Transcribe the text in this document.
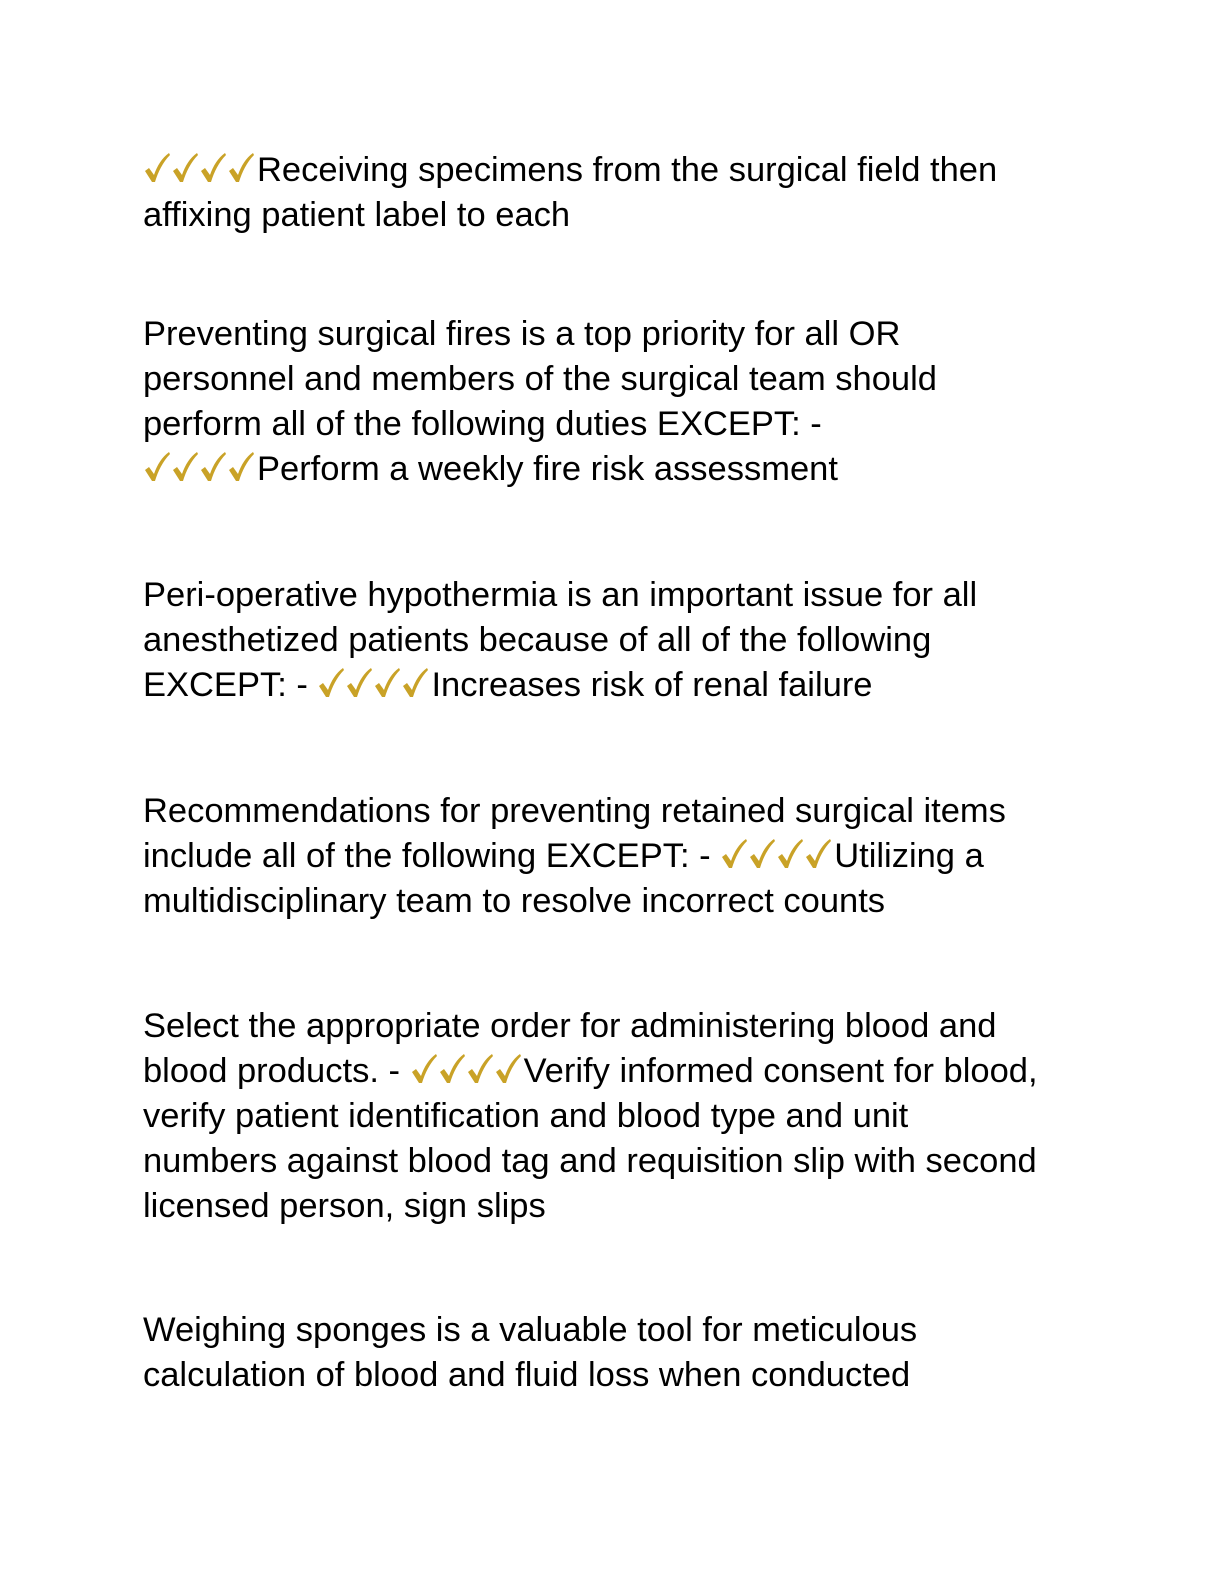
Receiving specimens from the surgical field then
affixing patient label to each
Preventing surgical fires is a top priority for all OR
personnel and members of the surgical team should
perform all of the following duties EXCEPT: -
Perform a weekly fire risk assessment
Peri-operative hypothermia is an important issue for all
anesthetized patients because of all of the following
EXCEPT: -	Increases risk of renal failure
Recommendations for preventing retained surgical items
include all of the following EXCEPT: -	Utilizing a
multidisciplinary team to resolve incorrect counts
Select the appropriate order for administering blood and
blood products. -	Verify informed consent for blood,
verify patient identification and blood type and unit
numbers against blood tag and requisition slip with second
licensed person, sign slips
Weighing sponges is a valuable tool for meticulous
calculation of blood and fluid loss when conducted
